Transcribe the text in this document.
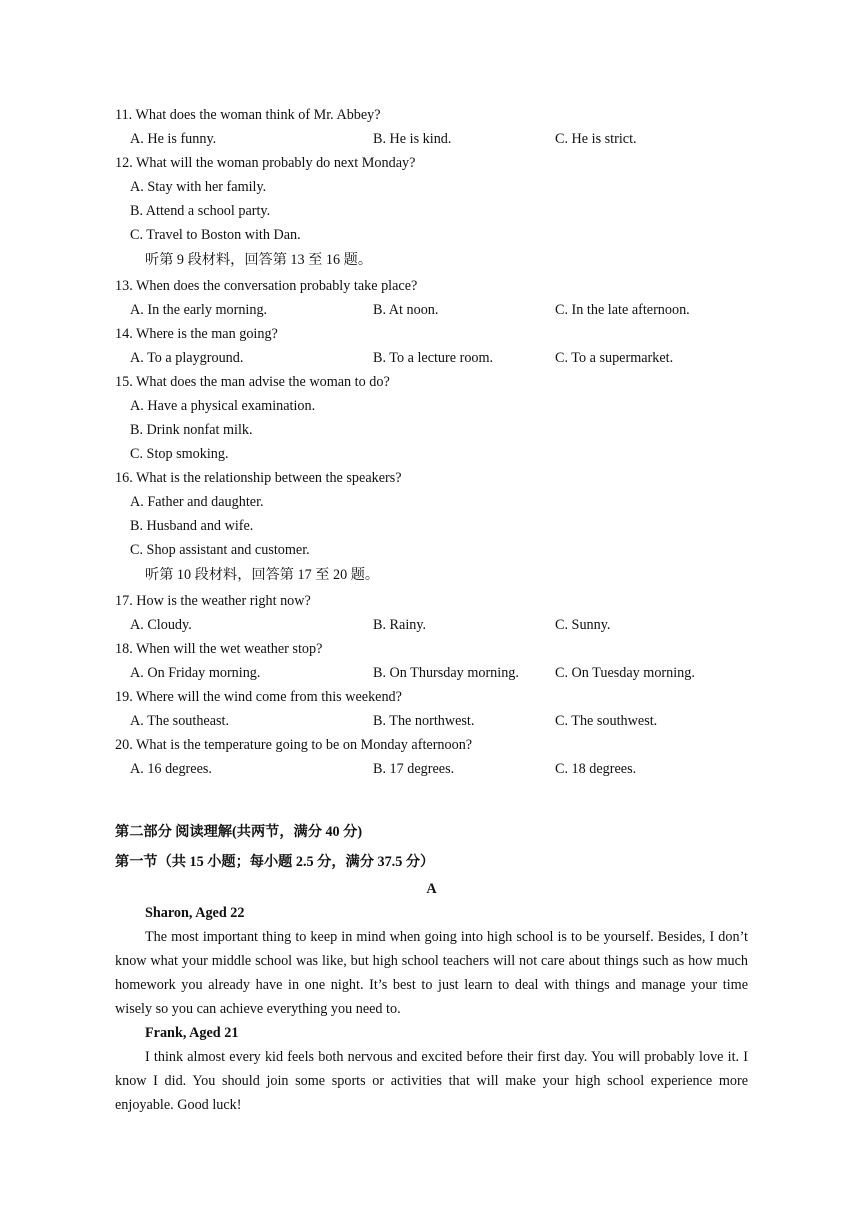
11. What does the woman think of Mr. Abbey?
A. He is funny.	B. He is kind.	C. He is strict.
12. What will the woman probably do next Monday?
A. Stay with her family.
B. Attend a school party.
C. Travel to Boston with Dan.
听第 9 段材料，回答第 13 至 16 题。
13. When does the conversation probably take place?
A. In the early morning.	B. At noon.	C. In the late afternoon.
14. Where is the man going?
A. To a playground.	B. To a lecture room.	C. To a supermarket.
15. What does the man advise the woman to do?
A. Have a physical examination.
B. Drink nonfat milk.
C. Stop smoking.
16. What is the relationship between the speakers?
A. Father and daughter.
B. Husband and wife.
C. Shop assistant and customer.
听第 10 段材料，回答第 17 至 20 题。
17. How is the weather right now?
A. Cloudy.	B. Rainy.	C. Sunny.
18. When will the wet weather stop?
A. On Friday morning.	B. On Thursday morning.	C. On Tuesday morning.
19. Where will the wind come from this weekend?
A. The southeast.	B. The northwest.	C. The southwest.
20. What is the temperature going to be on Monday afternoon?
A. 16 degrees.	B. 17 degrees.	C. 18 degrees.
第二部分 阅读理解(共两节，满分 40 分)
第一节（共 15 小题；每小题 2.5 分，满分 37.5 分）
A
Sharon, Aged 22

The most important thing to keep in mind when going into high school is to be yourself. Besides, I don’t know what your middle school was like, but high school teachers will not care about things such as how much homework you already have in one night. It’s best to just learn to deal with things and manage your time wisely so you can achieve everything you need to.

Frank, Aged 21

I think almost every kid feels both nervous and excited before their first day. You will probably love it. I know I did. You should join some sports or activities that will make your high school experience more enjoyable. Good luck!
